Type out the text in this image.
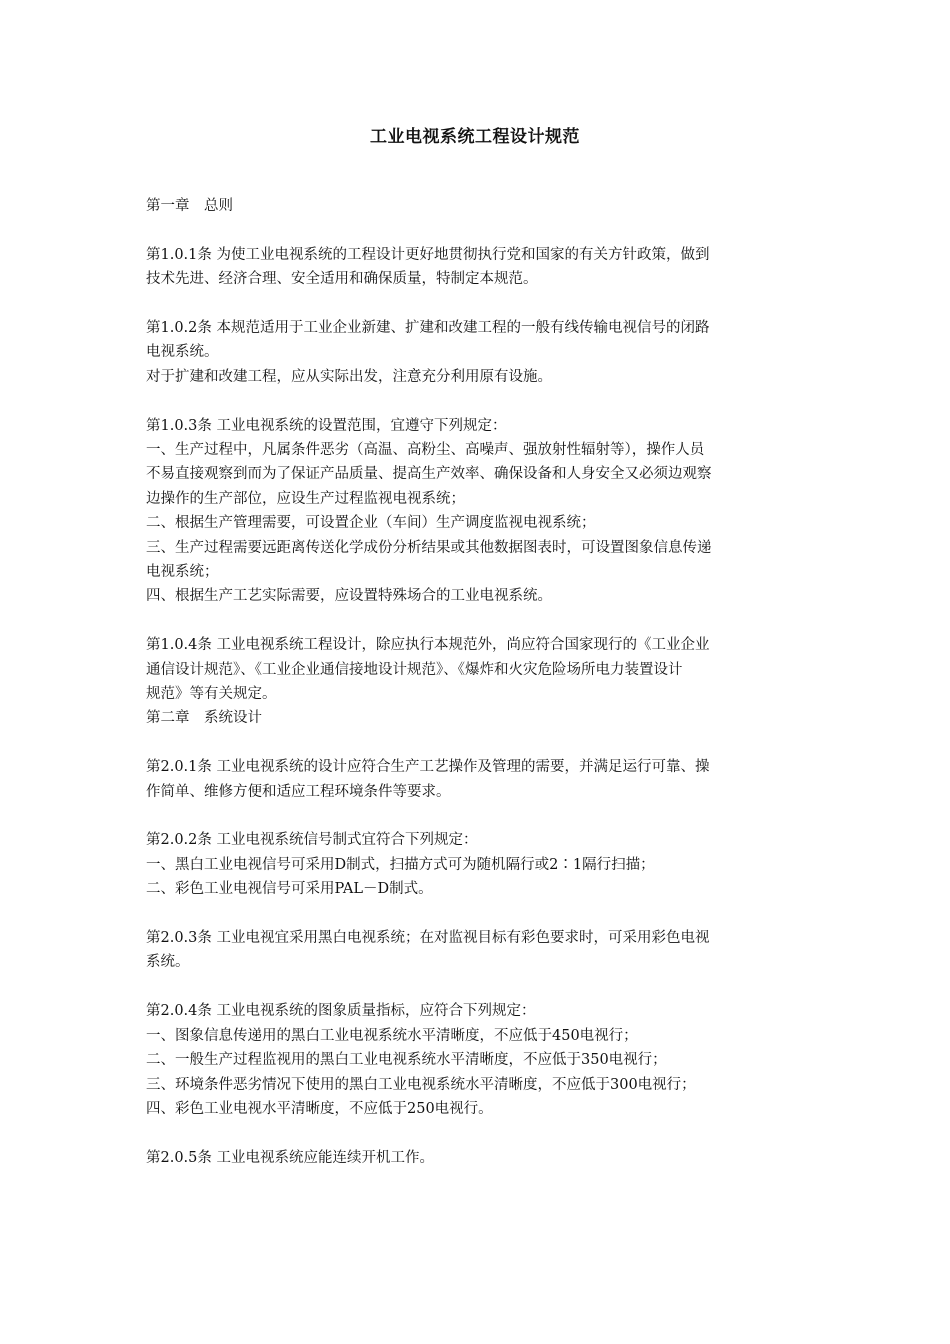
工业电视系统工程设计规范
第一章　总则
第1.0.1条 为使工业电视系统的工程设计更好地贯彻执行党和国家的有关方针政策，做到
技术先进、经济合理、安全适用和确保质量，特制定本规范。
第1.0.2条 本规范适用于工业企业新建、扩建和改建工程的一般有线传输电视信号的闭路
电视系统。
对于扩建和改建工程，应从实际出发，注意充分利用原有设施。
第1.0.3条 工业电视系统的设置范围，宜遵守下列规定：
一、生产过程中，凡属条件恶劣（高温、高粉尘、高噪声、强放射性辐射等），操作人员
不易直接观察到而为了保证产品质量、提高生产效率、确保设备和人身安全又必须边观察
边操作的生产部位，应设生产过程监视电视系统；
二、根据生产管理需要，可设置企业（车间）生产调度监视电视系统；
三、生产过程需要远距离传送化学成份分析结果或其他数据图表时，可设置图象信息传递
电视系统；
四、根据生产工艺实际需要，应设置特殊场合的工业电视系统。
第1.0.4条 工业电视系统工程设计，除应执行本规范外，尚应符合国家现行的《工业企业
通信设计规范》、《工业企业通信接地设计规范》、《爆炸和火灾危险场所电力装置设计
规范》等有关规定。
第二章　系统设计
第2.0.1条 工业电视系统的设计应符合生产工艺操作及管理的需要，并满足运行可靠、操
作简单、维修方便和适应工程环境条件等要求。
第2.0.2条 工业电视系统信号制式宜符合下列规定：
一、黑白工业电视信号可采用D制式，扫描方式可为随机隔行或2∶1隔行扫描；
二、彩色工业电视信号可采用PAL－D制式。
第2.0.3条 工业电视宜采用黑白电视系统；在对监视目标有彩色要求时，可采用彩色电视
系统。
第2.0.4条 工业电视系统的图象质量指标，应符合下列规定：
一、图象信息传递用的黑白工业电视系统水平清晰度，不应低于450电视行；
二、一般生产过程监视用的黑白工业电视系统水平清晰度，不应低于350电视行；
三、环境条件恶劣情况下使用的黑白工业电视系统水平清晰度，不应低于300电视行；
四、彩色工业电视水平清晰度，不应低于250电视行。
第2.0.5条 工业电视系统应能连续开机工作。
